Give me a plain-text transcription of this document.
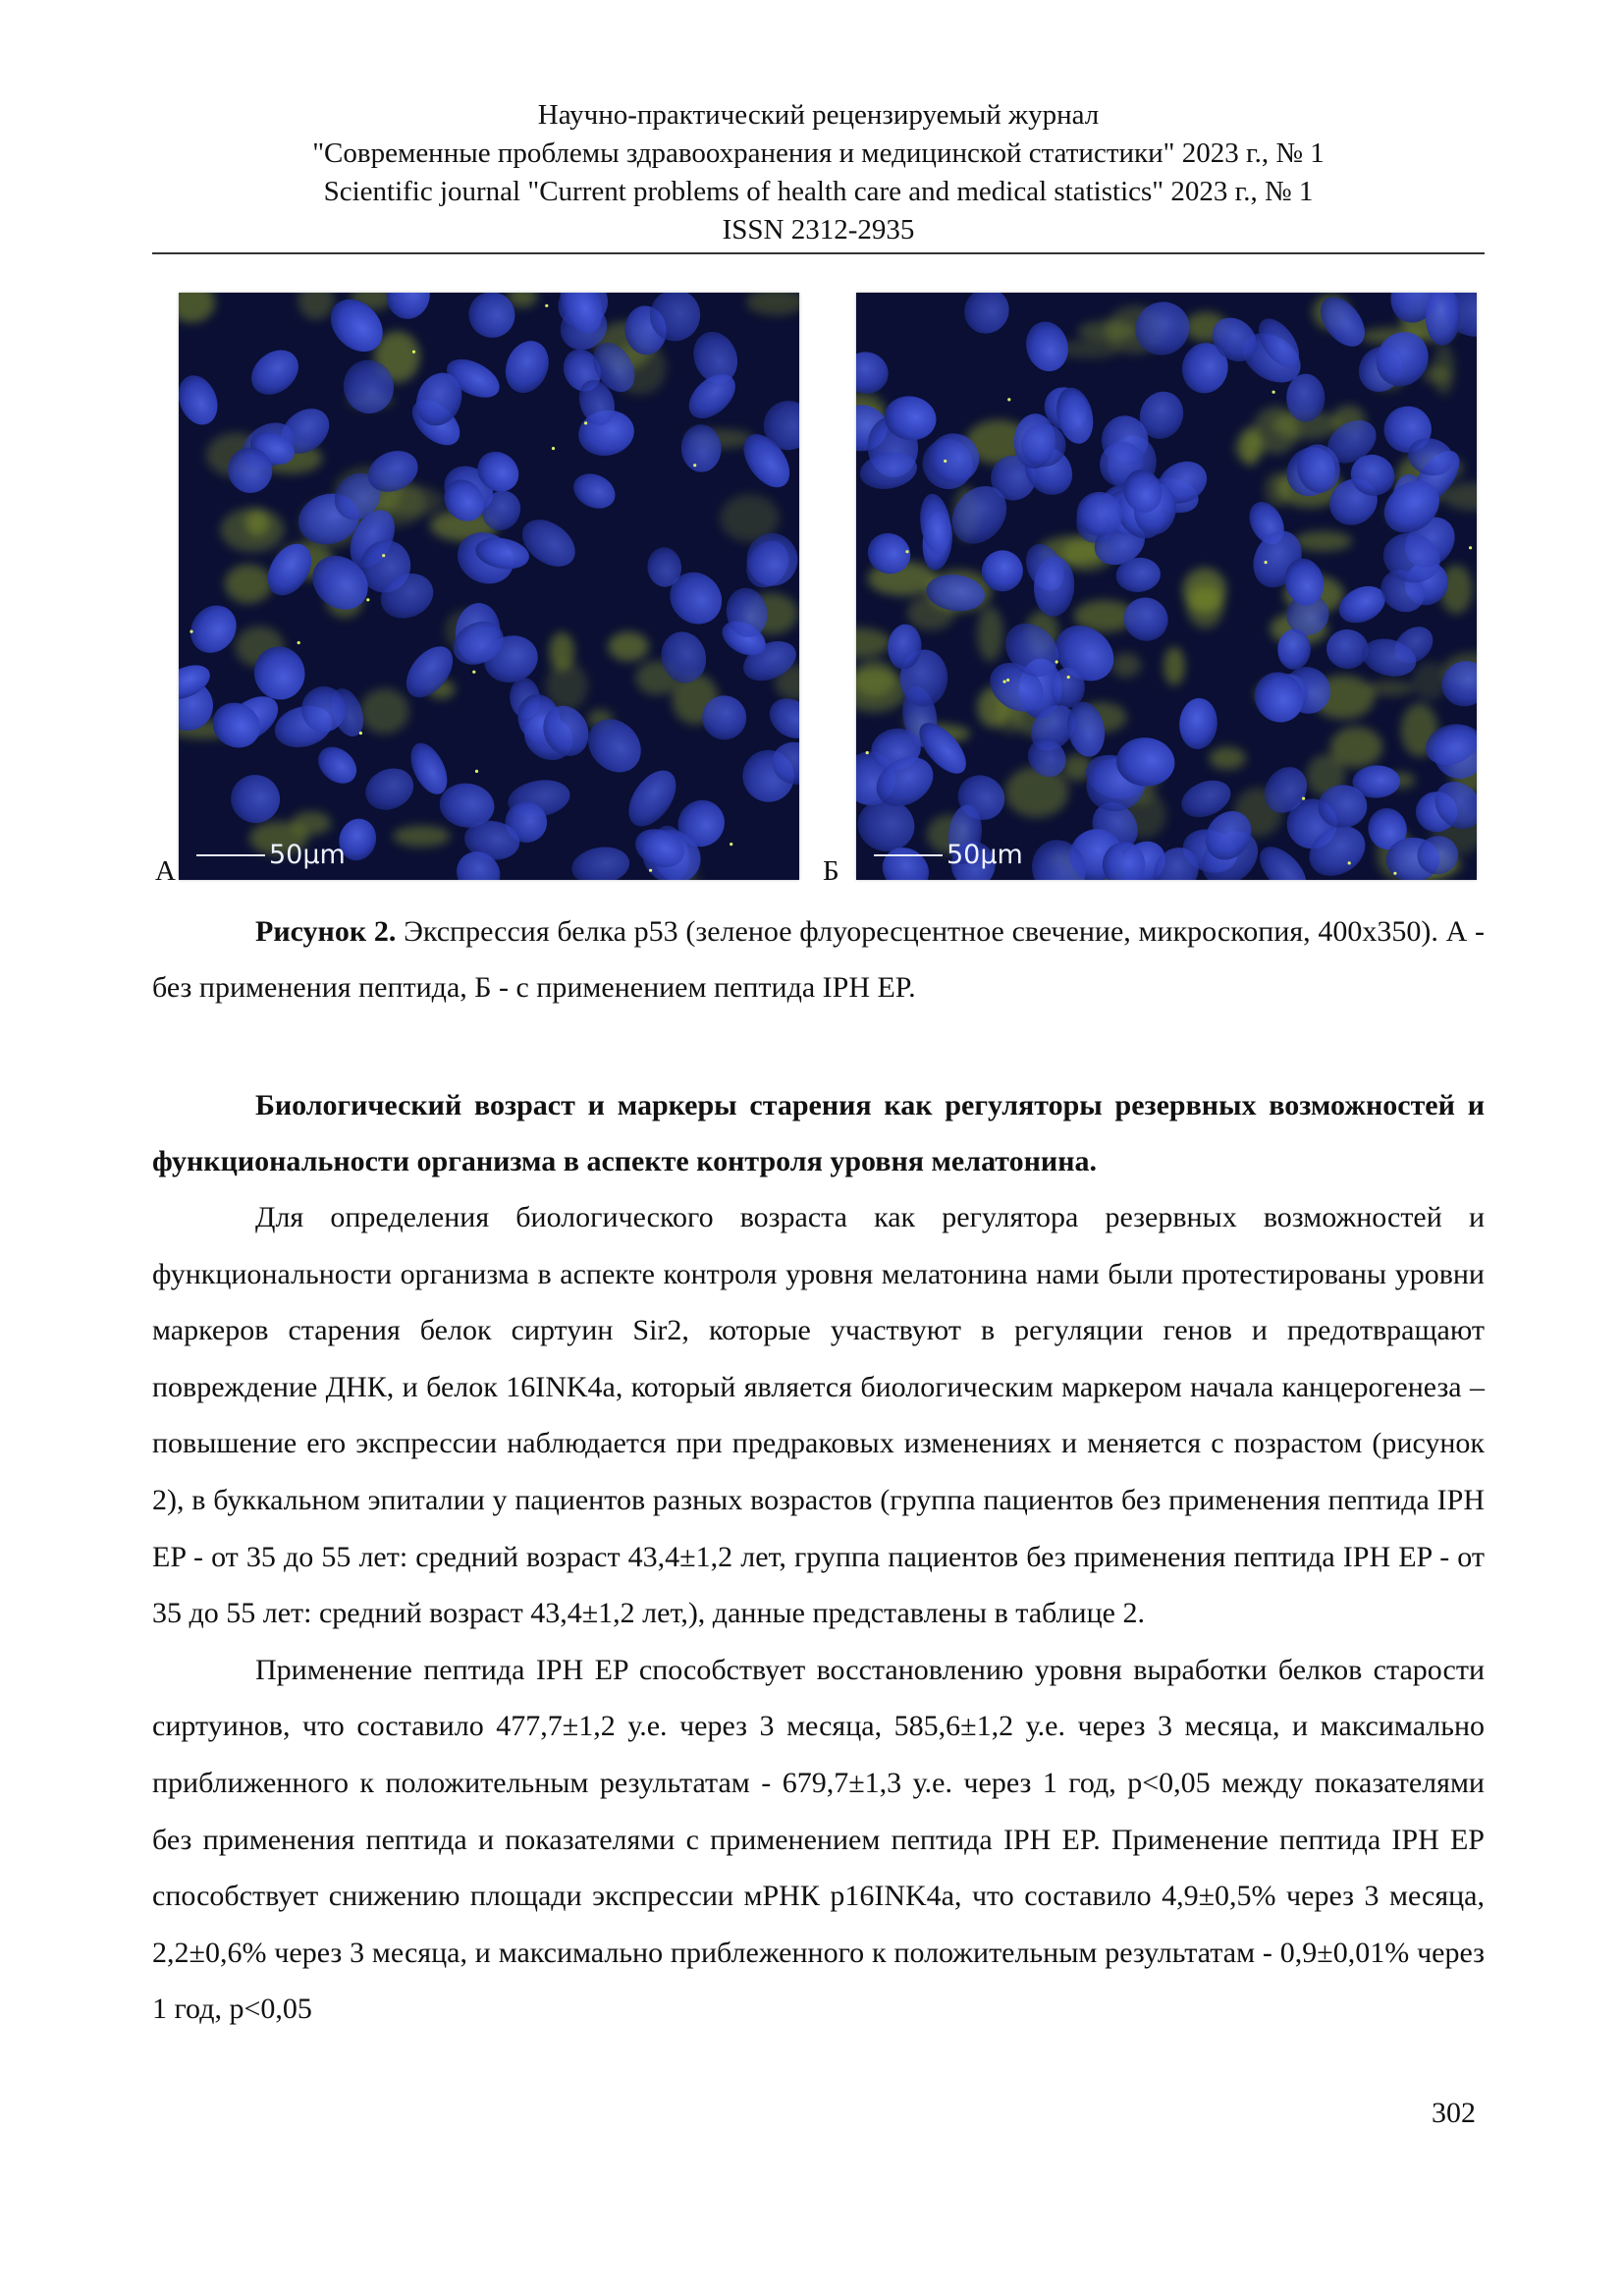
Научно-практический рецензируемый журнал
"Современные проблемы здравоохранения и медицинской статистики" 2023 г., № 1
Scientific journal "Current problems of health care and medical statistics" 2023 г., № 1
ISSN 2312-2935
50μm
А
50μm
Б

Рисунок 2. Экспрессия белка p53 (зеленое флуоресцентное свечение, микроскопия, 400x350). А - без применения пептида, Б - с применением пептида IPH EP.

Биологический возраст и маркеры старения как регуляторы резервных возможностей и функциональности организма в аспекте контроля уровня мелатонина.

Для определения биологического возраста как регулятора резервных возможностей и функциональности организма в аспекте контроля уровня мелатонина нами были протестированы уровни маркеров старения белок сиртуин Sir2, которые участвуют в регуляции генов и предотвращают повреждение ДНК, и белок 16INK4a, который является биологическим маркером начала канцерогенеза – повышение его экспрессии наблюдается при предраковых изменениях и меняется с позрастом (рисунок 2), в буккальном эпиталии у пациентов разных возрастов (группа пациентов без применения пептида IPH EP - от 35 до 55 лет: средний возраст 43,4±1,2 лет, группа пациентов без применения пептида IPH EP - от 35 до 55 лет: средний возраст 43,4±1,2 лет,), данные представлены в таблице 2.

Применение пептида IPH EP способствует восстановлению уровня выработки белков старости сиртуинов, что составило 477,7±1,2 у.е. через 3 месяца, 585,6±1,2 у.е. через 3 месяца, и максимально приближенного к положительным результатам - 679,7±1,3 у.е. через 1 год, p<0,05 между показателями без применения пептида и показателями с применением пептида IPH EP. Применение пептида IPH EP способствует снижению площади экспрессии мРНК p16INK4a, что составило 4,9±0,5% через 3 месяца, 2,2±0,6% через 3 месяца, и максимально приблеженного к положительным результатам - 0,9±0,01% через 1 год, p<0,05

302
